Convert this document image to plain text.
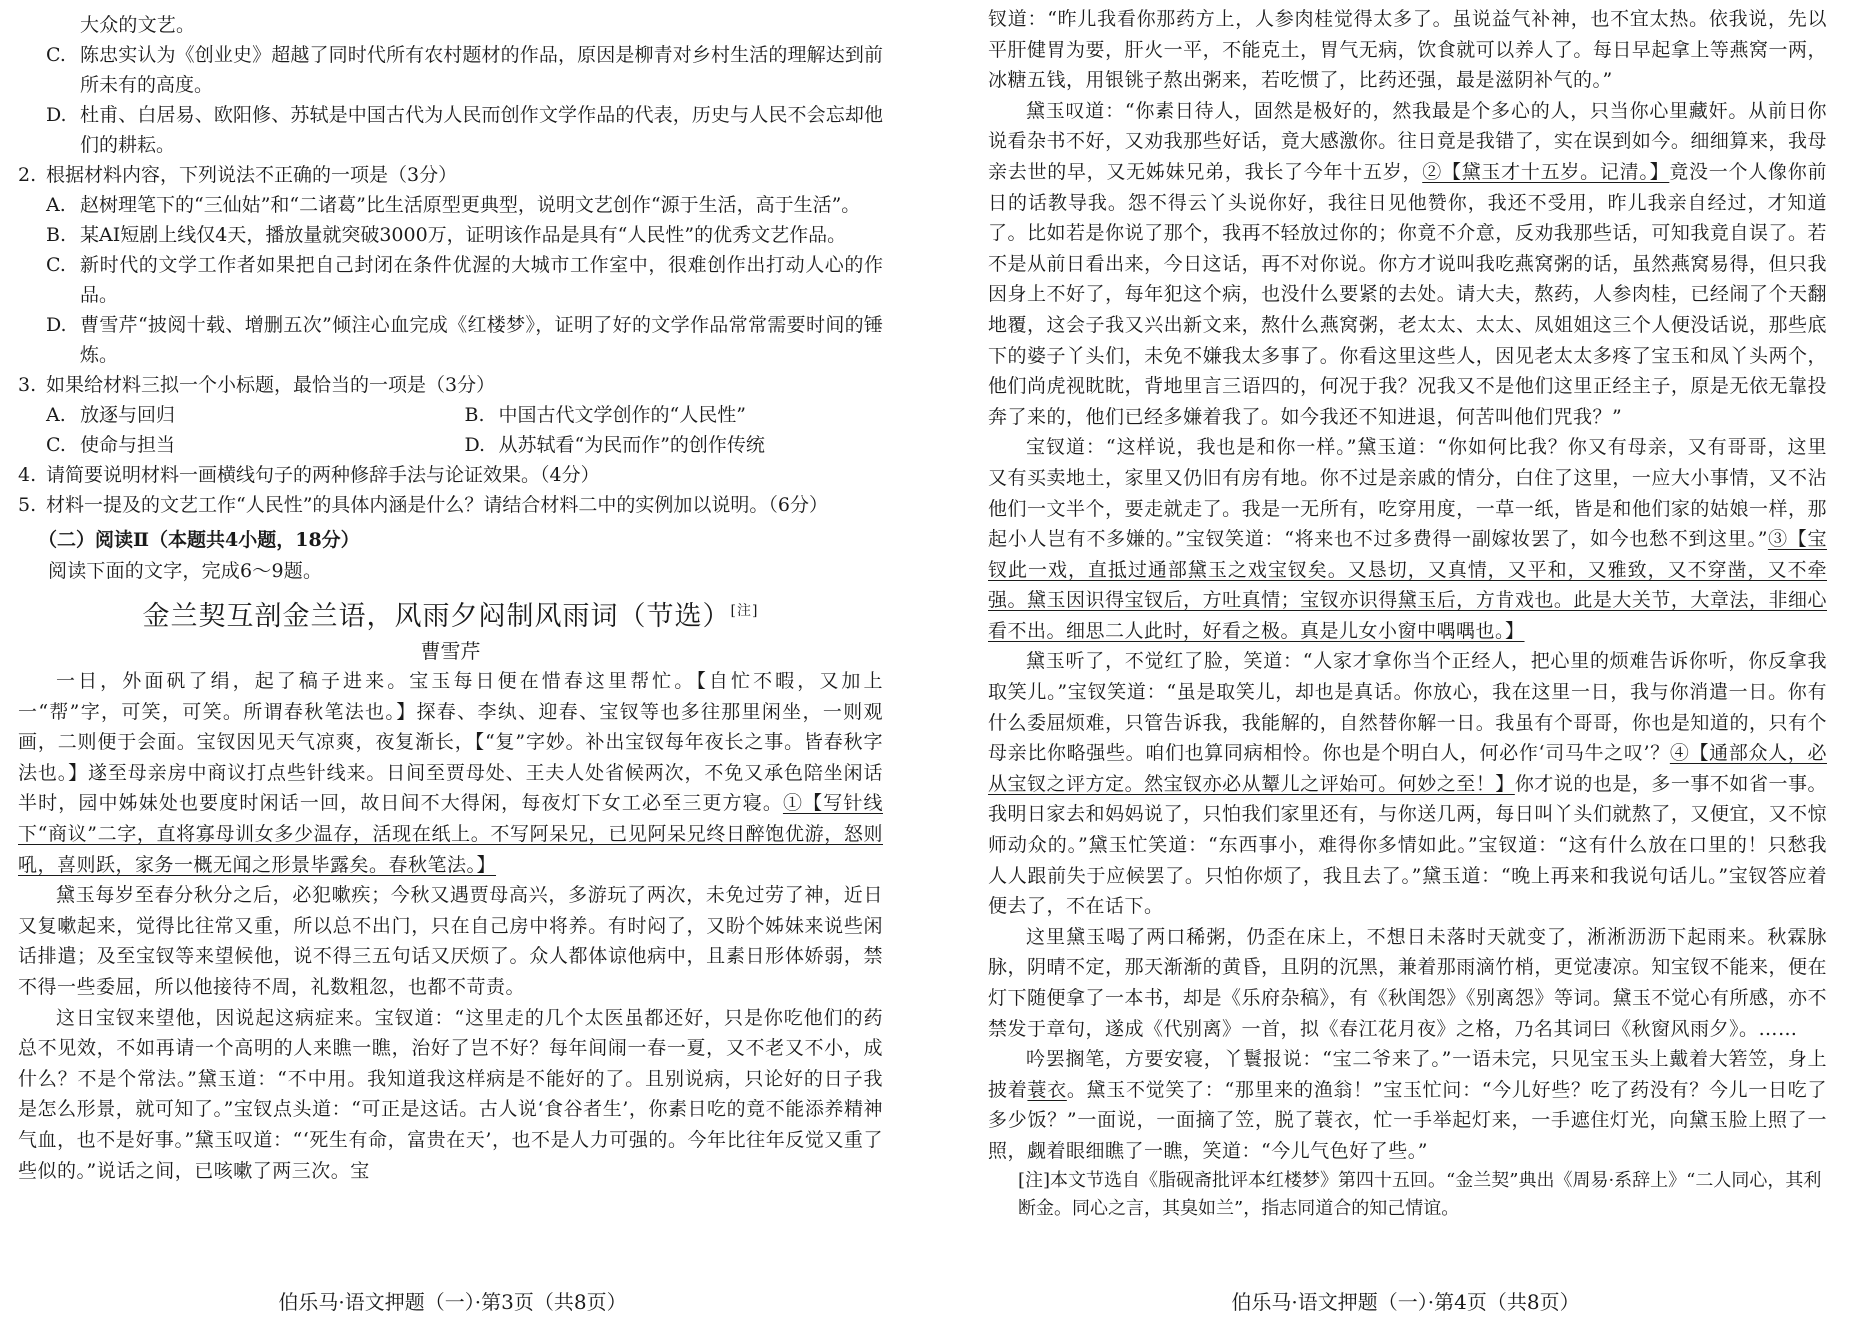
大众的文艺。

C. 陈忠实认为《创业史》超越了同时代所有农村题材的作品，原因是柳青对乡村生活的理解达到前所未有的高度。
D. 杜甫、白居易、欧阳修、苏轼是中国古代为人民而创作文学作品的代表，历史与人民不会忘却他们的耕耘。
2. 根据材料内容，下列说法不正确的一项是（3分）
A. 赵树理笔下的“三仙姑”和“二诸葛”比生活原型更典型，说明文艺创作“源于生活，高于生活”。
B. 某AI短剧上线仅4天，播放量就突破3000万，证明该作品是具有“人民性”的优秀文艺作品。
C. 新时代的文学工作者如果把自己封闭在条件优渥的大城市工作室中，很难创作出打动人心的作品。
D. 曹雪芹“披阅十载、增删五次”倾注心血完成《红楼梦》，证明了好的文学作品常常需要时间的锤炼。
3. 如果给材料三拟一个小标题，最恰当的一项是（3分）
A. 放逐与回归	B. 中国古代文学创作的“人民性”
C. 使命与担当	D. 从苏轼看“为民而作”的创作传统
4. 请简要说明材料一画横线句子的两种修辞手法与论证效果。（4分）
5. 材料一提及的文艺工作“人民性”的具体内涵是什么？请结合材料二中的实例加以说明。（6分）

（二）阅读Ⅱ（本题共4小题，18分）

阅读下面的文字，完成6～9题。

金兰契互剖金兰语，风雨夕闷制风雨词（节选）[注]

曹雪芹

一日，外面矾了绢，起了稿子进来。宝玉每日便在惜春这里帮忙。【自忙不暇，又加上一“帮”字，可笑，可笑。所谓春秋笔法也。】探春、李纨、迎春、宝钗等也多往那里闲坐，一则观画，二则便于会面。宝钗因见天气凉爽，夜复渐长，【“复”字妙。补出宝钗每年夜长之事。皆春秋字法也。】遂至母亲房中商议打点些针线来。日间至贾母处、王夫人处省候两次，不免又承色陪坐闲话半时，园中姊妹处也要度时闲话一回，故日间不大得闲，每夜灯下女工必至三更方寝。①【写针线下“商议”二字，直将寡母训女多少温存，活现在纸上。不写阿呆兄，已见阿呆兄终日醉饱优游，怒则吼，喜则跃，家务一概无闻之形景毕露矣。春秋笔法。】

黛玉每岁至春分秋分之后，必犯嗽疾；今秋又遇贾母高兴，多游玩了两次，未免过劳了神，近日又复嗽起来，觉得比往常又重，所以总不出门，只在自己房中将养。有时闷了，又盼个姊妹来说些闲话排遣；及至宝钗等来望候他，说不得三五句话又厌烦了。众人都体谅他病中，且素日形体娇弱，禁不得一些委屈，所以他接待不周，礼数粗忽，也都不苛责。

这日宝钗来望他，因说起这病症来。宝钗道：“这里走的几个太医虽都还好，只是你吃他们的药总不见效，不如再请一个高明的人来瞧一瞧，治好了岂不好？每年间闹一春一夏，又不老又不小，成什么？不是个常法。”黛玉道：“不中用。我知道我这样病是不能好的了。且别说病，只论好的日子我是怎么形景，就可知了。”宝钗点头道：“可正是这话。古人说‘食谷者生’，你素日吃的竟不能添养精神气血，也不是好事。”黛玉叹道：“‘死生有命，富贵在天’，也不是人力可强的。今年比往年反觉又重了些似的。”说话之间，已咳嗽了两三次。宝

伯乐马·语文押题（一）·第3页（共8页）

钗道：“昨儿我看你那药方上，人参肉桂觉得太多了。虽说益气补神，也不宜太热。依我说，先以平肝健胃为要，肝火一平，不能克土，胃气无病，饮食就可以养人了。每日早起拿上等燕窝一两，冰糖五钱，用银铫子熬出粥来，若吃惯了，比药还强，最是滋阴补气的。”

黛玉叹道：“你素日待人，固然是极好的，然我最是个多心的人，只当你心里藏奸。从前日你说看杂书不好，又劝我那些好话，竟大感激你。往日竟是我错了，实在误到如今。细细算来，我母亲去世的早，又无姊妹兄弟，我长了今年十五岁，②【黛玉才十五岁。记清。】竟没一个人像你前日的话教导我。怨不得云丫头说你好，我往日见他赞你，我还不受用，昨儿我亲自经过，才知道了。比如若是你说了那个，我再不轻放过你的；你竟不介意，反劝我那些话，可知我竟自误了。若不是从前日看出来，今日这话，再不对你说。你方才说叫我吃燕窝粥的话，虽然燕窝易得，但只我因身上不好了，每年犯这个病，也没什么要紧的去处。请大夫，熬药，人参肉桂，已经闹了个天翻地覆，这会子我又兴出新文来，熬什么燕窝粥，老太太、太太、凤姐姐这三个人便没话说，那些底下的婆子丫头们，未免不嫌我太多事了。你看这里这些人，因见老太太多疼了宝玉和凤丫头两个，他们尚虎视眈眈，背地里言三语四的，何况于我？况我又不是他们这里正经主子，原是无依无靠投奔了来的，他们已经多嫌着我了。如今我还不知进退，何苦叫他们咒我？”

宝钗道：“这样说，我也是和你一样。”黛玉道：“你如何比我？你又有母亲，又有哥哥，这里又有买卖地土，家里又仍旧有房有地。你不过是亲戚的情分，白住了这里，一应大小事情，又不沾他们一文半个，要走就走了。我是一无所有，吃穿用度，一草一纸，皆是和他们家的姑娘一样，那起小人岂有不多嫌的。”宝钗笑道：“将来也不过多费得一副嫁妆罢了，如今也愁不到这里。”③【宝钗此一戏，直抵过通部黛玉之戏宝钗矣。又恳切，又真情，又平和，又雅致，又不穿凿，又不牵强。黛玉因识得宝钗后，方吐真情；宝钗亦识得黛玉后，方肯戏也。此是大关节，大章法，非细心看不出。细思二人此时，好看之极。真是儿女小窗中喁喁也。】

黛玉听了，不觉红了脸，笑道：“人家才拿你当个正经人，把心里的烦难告诉你听，你反拿我取笑儿。”宝钗笑道：“虽是取笑儿，却也是真话。你放心，我在这里一日，我与你消遣一日。你有什么委屈烦难，只管告诉我，我能解的，自然替你解一日。我虽有个哥哥，你也是知道的，只有个母亲比你略强些。咱们也算同病相怜。你也是个明白人，何必作‘司马牛之叹’？④【通部众人，必从宝钗之评方定。然宝钗亦必从颦儿之评始可。何妙之至！】你才说的也是，多一事不如省一事。我明日家去和妈妈说了，只怕我们家里还有，与你送几两，每日叫丫头们就熬了，又便宜，又不惊师动众的。”黛玉忙笑道：“东西事小，难得你多情如此。”宝钗道：“这有什么放在口里的！只愁我人人跟前失于应候罢了。只怕你烦了，我且去了。”黛玉道：“晚上再来和我说句话儿。”宝钗答应着便去了，不在话下。

这里黛玉喝了两口稀粥，仍歪在床上，不想日未落时天就变了，淅淅沥沥下起雨来。秋霖脉脉，阴晴不定，那天渐渐的黄昏，且阴的沉黑，兼着那雨滴竹梢，更觉凄凉。知宝钗不能来，便在灯下随便拿了一本书，却是《乐府杂稿》，有《秋闺怨》《别离怨》等词。黛玉不觉心有所感，亦不禁发于章句，遂成《代别离》一首，拟《春江花月夜》之格，乃名其词曰《秋窗风雨夕》。……

吟罢搁笔，方要安寝，丫鬟报说：“宝二爷来了。”一语未完，只见宝玉头上戴着大箬笠，身上披着蓑衣。黛玉不觉笑了：“那里来的渔翁！”宝玉忙问：“今儿好些？吃了药没有？今儿一日吃了多少饭？”一面说，一面摘了笠，脱了蓑衣，忙一手举起灯来，一手遮住灯光，向黛玉脸上照了一照，觑着眼细瞧了一瞧，笑道：“今儿气色好了些。”

[注]本文节选自《脂砚斋批评本红楼梦》第四十五回。“金兰契”典出《周易·系辞上》“二人同心，其利断金。同心之言，其臭如兰”，指志同道合的知己情谊。

伯乐马·语文押题（一）·第4页（共8页）
